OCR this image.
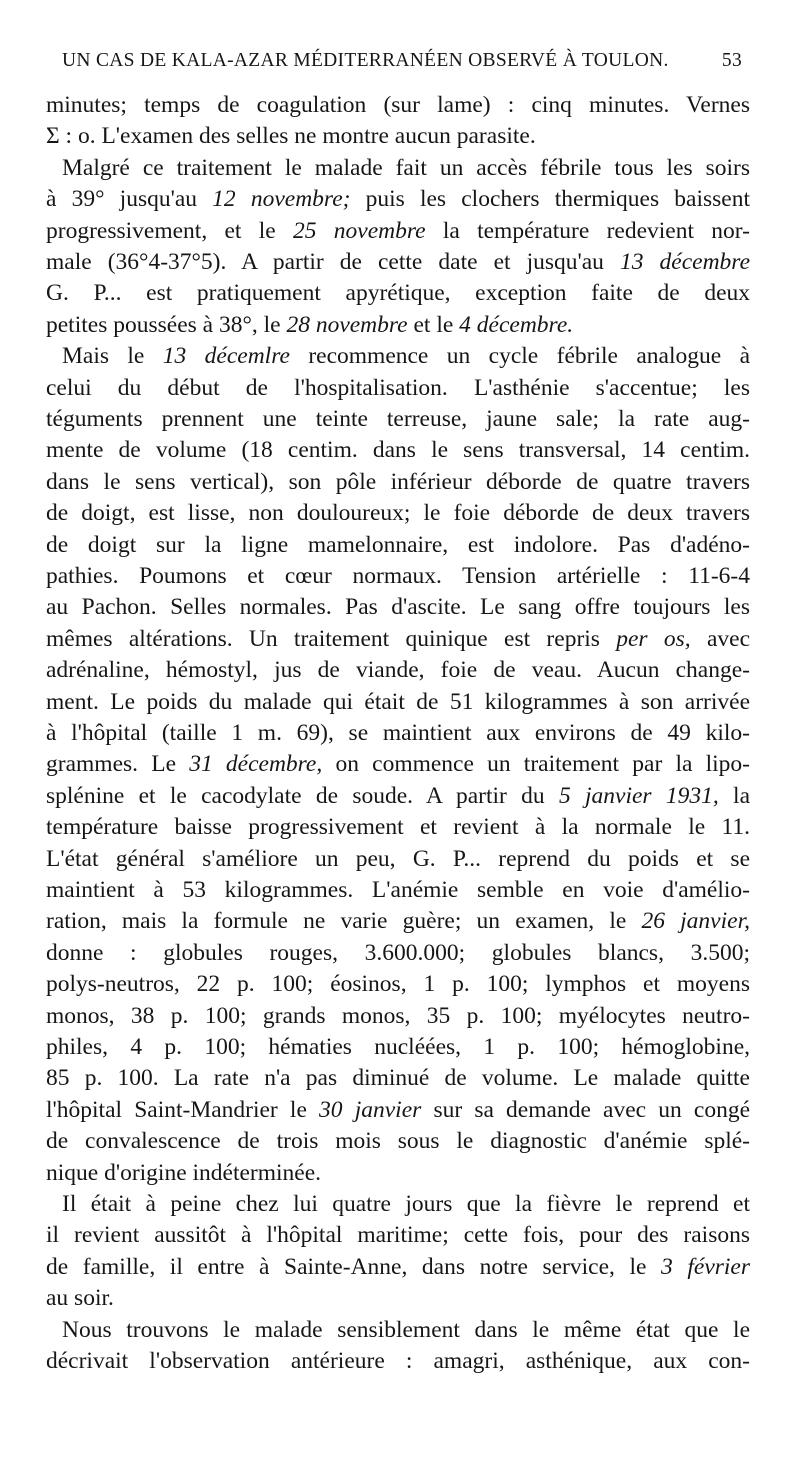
UN CAS DE KALA-AZAR MÉDITERRANÉEN OBSERVÉ À TOULON.	53
minutes; temps de coagulation (sur lame) : cinq minutes. Vernes
Σ : o. L'examen des selles ne montre aucun parasite.
Malgré ce traitement le malade fait un accès fébrile tous les soirs
à 39° jusqu'au 12 novembre; puis les clochers thermiques baissent
progressivement, et le 25 novembre la température redevient nor-
male (36°4-37°5). A partir de cette date et jusqu'au 13 décembre
G. P... est pratiquement apyrétique, exception faite de deux
petites poussées à 38°, le 28 novembre et le 4 décembre.
Mais le 13 décemlre recommence un cycle fébrile analogue à
celui du début de l'hospitalisation. L'asthénie s'accentue; les
téguments prennent une teinte terreuse, jaune sale; la rate aug-
mente de volume (18 centim. dans le sens transversal, 14 centim.
dans le sens vertical), son pôle inférieur déborde de quatre travers
de doigt, est lisse, non douloureux; le foie déborde de deux travers
de doigt sur la ligne mamelonnaire, est indolore. Pas d'adéno-
pathies. Poumons et cœur normaux. Tension artérielle : 11-6-4
au Pachon. Selles normales. Pas d'ascite. Le sang offre toujours les
mêmes altérations. Un traitement quinique est repris per os, avec
adrénaline, hémostyl, jus de viande, foie de veau. Aucun change-
ment. Le poids du malade qui était de 51 kilogrammes à son arrivée
à l'hôpital (taille 1 m. 69), se maintient aux environs de 49 kilo-
grammes. Le 31 décembre, on commence un traitement par la lipo-
splénine et le cacodylate de soude. A partir du 5 janvier 1931, la
température baisse progressivement et revient à la normale le 11.
L'état général s'améliore un peu, G. P... reprend du poids et se
maintient à 53 kilogrammes. L'anémie semble en voie d'amélio-
ration, mais la formule ne varie guère; un examen, le 26 janvier,
donne : globules rouges, 3.600.000; globules blancs, 3.500;
polys-neutros, 22 p. 100; éosinos, 1 p. 100; lymphos et moyens
monos, 38 p. 100; grands monos, 35 p. 100; myélocytes neutro-
philes, 4 p. 100; hématies nucléées, 1 p. 100; hémoglobine,
85 p. 100. La rate n'a pas diminué de volume. Le malade quitte
l'hôpital Saint-Mandrier le 30 janvier sur sa demande avec un congé
de convalescence de trois mois sous le diagnostic d'anémie splé-
nique d'origine indéterminée.
Il était à peine chez lui quatre jours que la fièvre le reprend et
il revient aussitôt à l'hôpital maritime; cette fois, pour des raisons
de famille, il entre à Sainte-Anne, dans notre service, le 3 février
au soir.
Nous trouvons le malade sensiblement dans le même état que le
décrivait l'observation antérieure : amagri, asthénique, aux con-
